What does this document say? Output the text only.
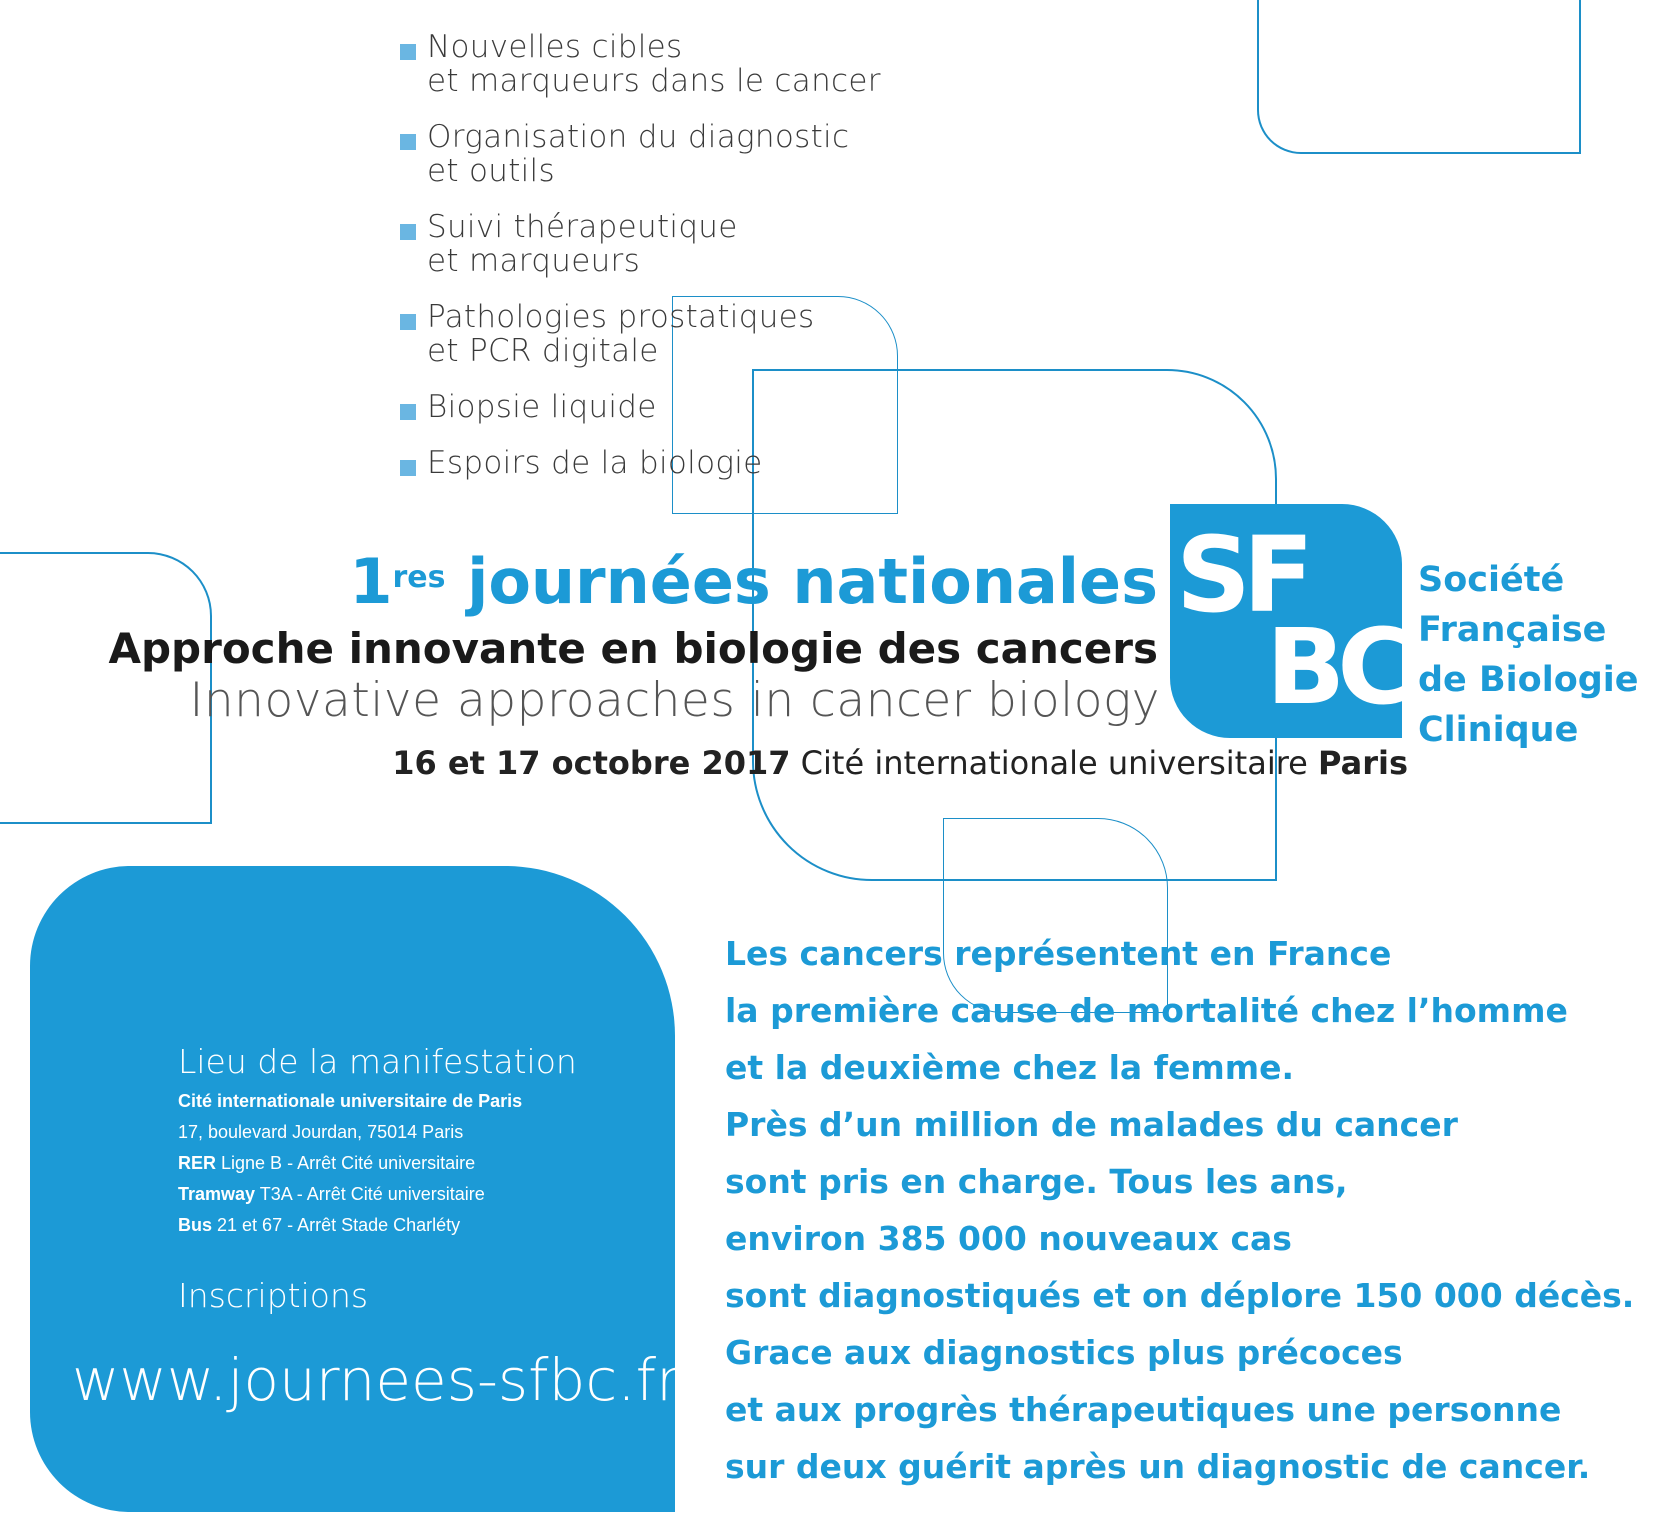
Nouvelles cibles
et marqueurs dans le cancer
Organisation du diagnostic
et outils
Suivi thérapeutique
et marqueurs
Pathologies prostatiques
et PCR digitale
Biopsie liquide
Espoirs de la biologie
1res journées nationales
Approche innovante en biologie des cancers
Innovative approaches in cancer biology
16 et 17 octobre 2017 Cité internationale universitaire Paris
SF
BC
Société
Française
de Biologie
Clinique
Lieu de la manifestation
Cité internationale universitaire de Paris
17, boulevard Jourdan, 75014 Paris
RER Ligne B - Arrêt Cité universitaire
Tramway T3A - Arrêt Cité universitaire
Bus 21 et 67 - Arrêt Stade Charléty
Inscriptions
www.journees-sfbc.fr
Les cancers représentent en France
la première cause de mortalité chez l’homme
et la deuxième chez la femme.
Près d’un million de malades du cancer
sont pris en charge. Tous les ans,
environ 385 000 nouveaux cas
sont diagnostiqués et on déplore 150 000 décès.
Grace aux diagnostics plus précoces
et aux progrès thérapeutiques une personne
sur deux guérit après un diagnostic de cancer.
